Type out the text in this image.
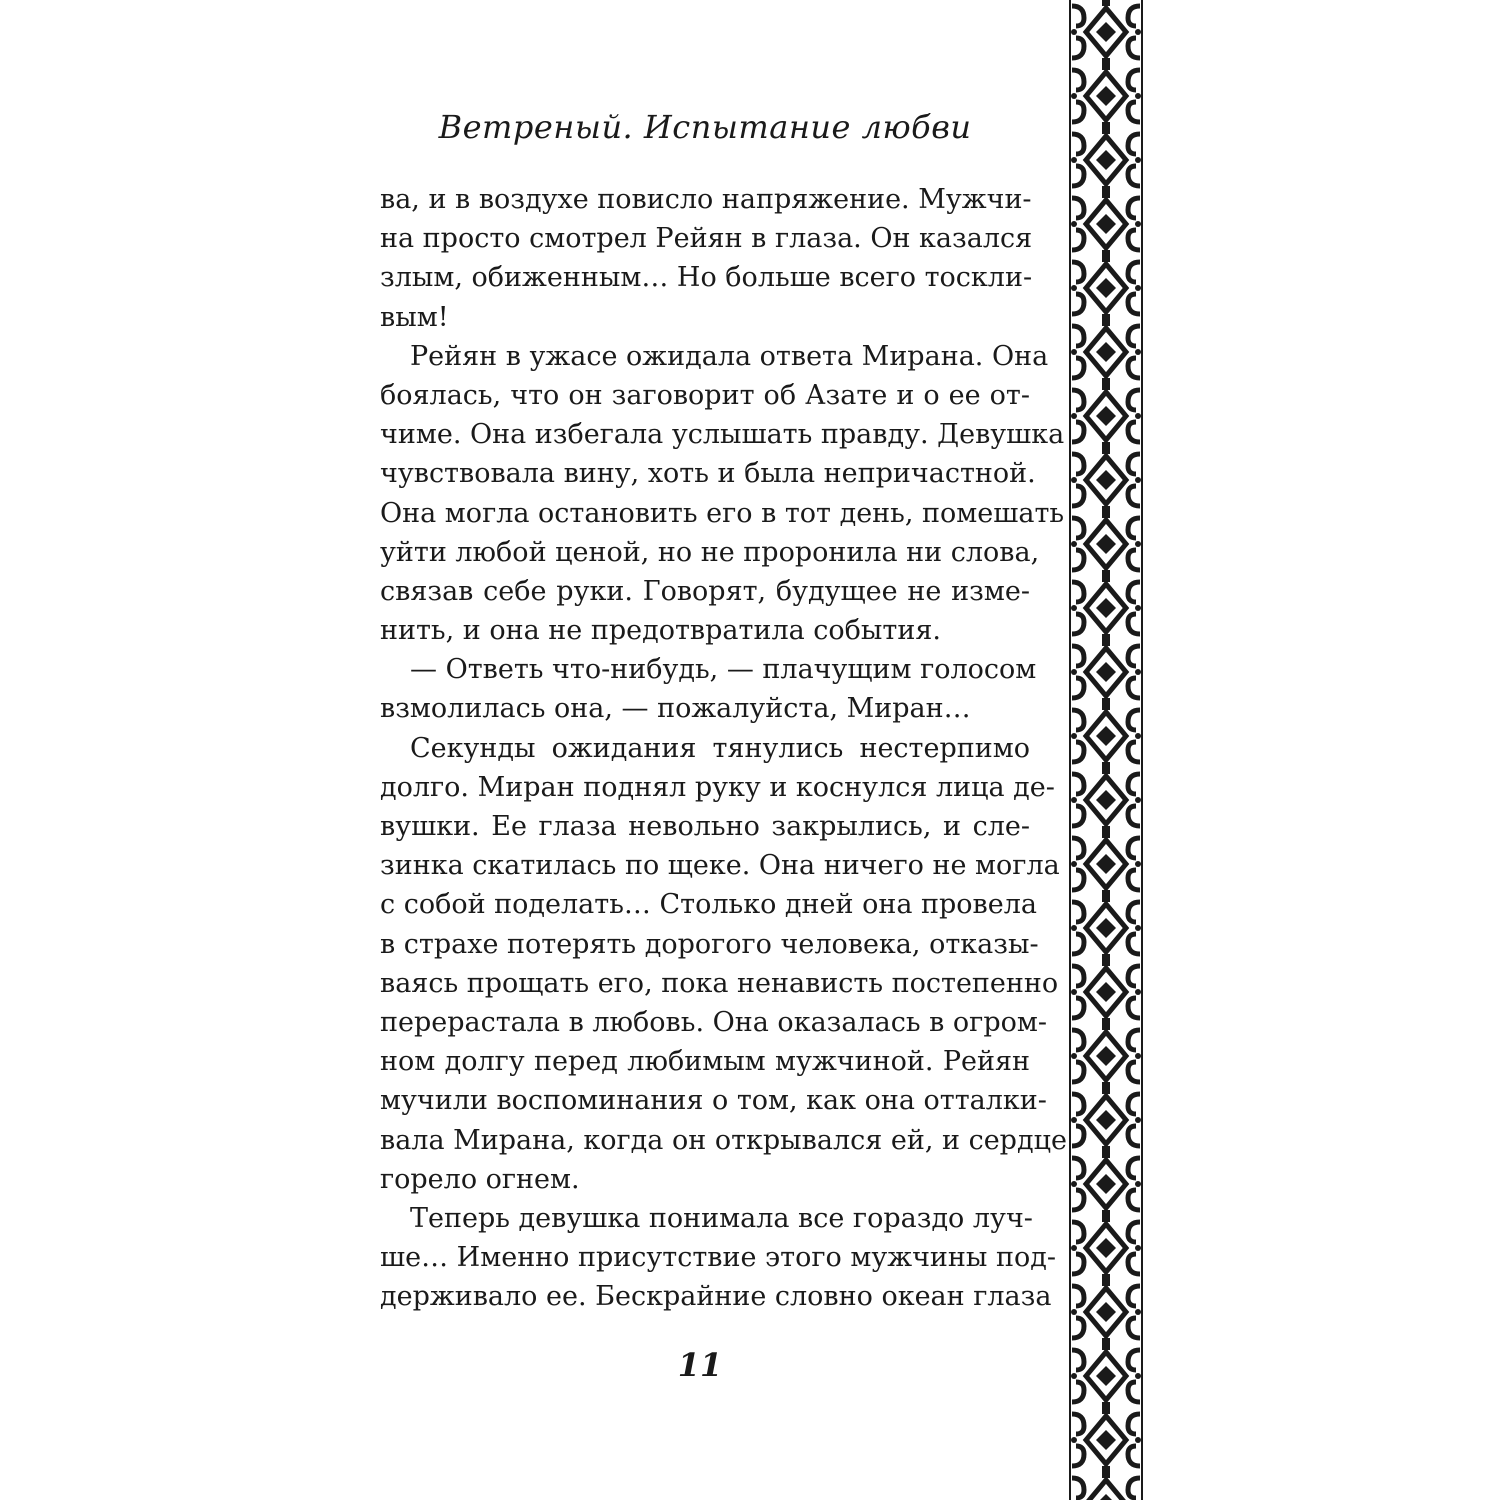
Ветреный. Испытание любви
ва, и в воздухе повисло напряжение. Мужчи-
на просто смотрел Рейян в глаза. Он казался
злым, обиженным… Но больше всего тоскли-
вым!
Рейян в ужасе ожидала ответа Мирана. Она
боялась, что он заговорит об Азате и о ее от-
чиме. Она избегала услышать правду. Девушка
чувствовала вину, хоть и была непричастной.
Она могла остановить его в тот день, помешать
уйти любой ценой, но не проронила ни слова,
связав себе руки. Говорят, будущее не изме-
нить, и она не предотвратила события.
— Ответь что-нибудь, — плачущим голосом
взмолилась она, — пожалуйста, Миран…
Секунды ожидания тянулись нестерпимо
долго. Миран поднял руку и коснулся лица де-
вушки. Ее глаза невольно закрылись, и сле-
зинка скатилась по щеке. Она ничего не могла
с собой поделать… Столько дней она провела
в страхе потерять дорогого человека, отказы-
ваясь прощать его, пока ненависть постепенно
перерастала в любовь. Она оказалась в огром-
ном долгу перед любимым мужчиной. Рейян
мучили воспоминания о том, как она отталки-
вала Мирана, когда он открывался ей, и сердце
горело огнем.
Теперь девушка понимала все гораздо луч-
ше… Именно присутствие этого мужчины под-
держивало ее. Бескрайние словно океан глаза
11
